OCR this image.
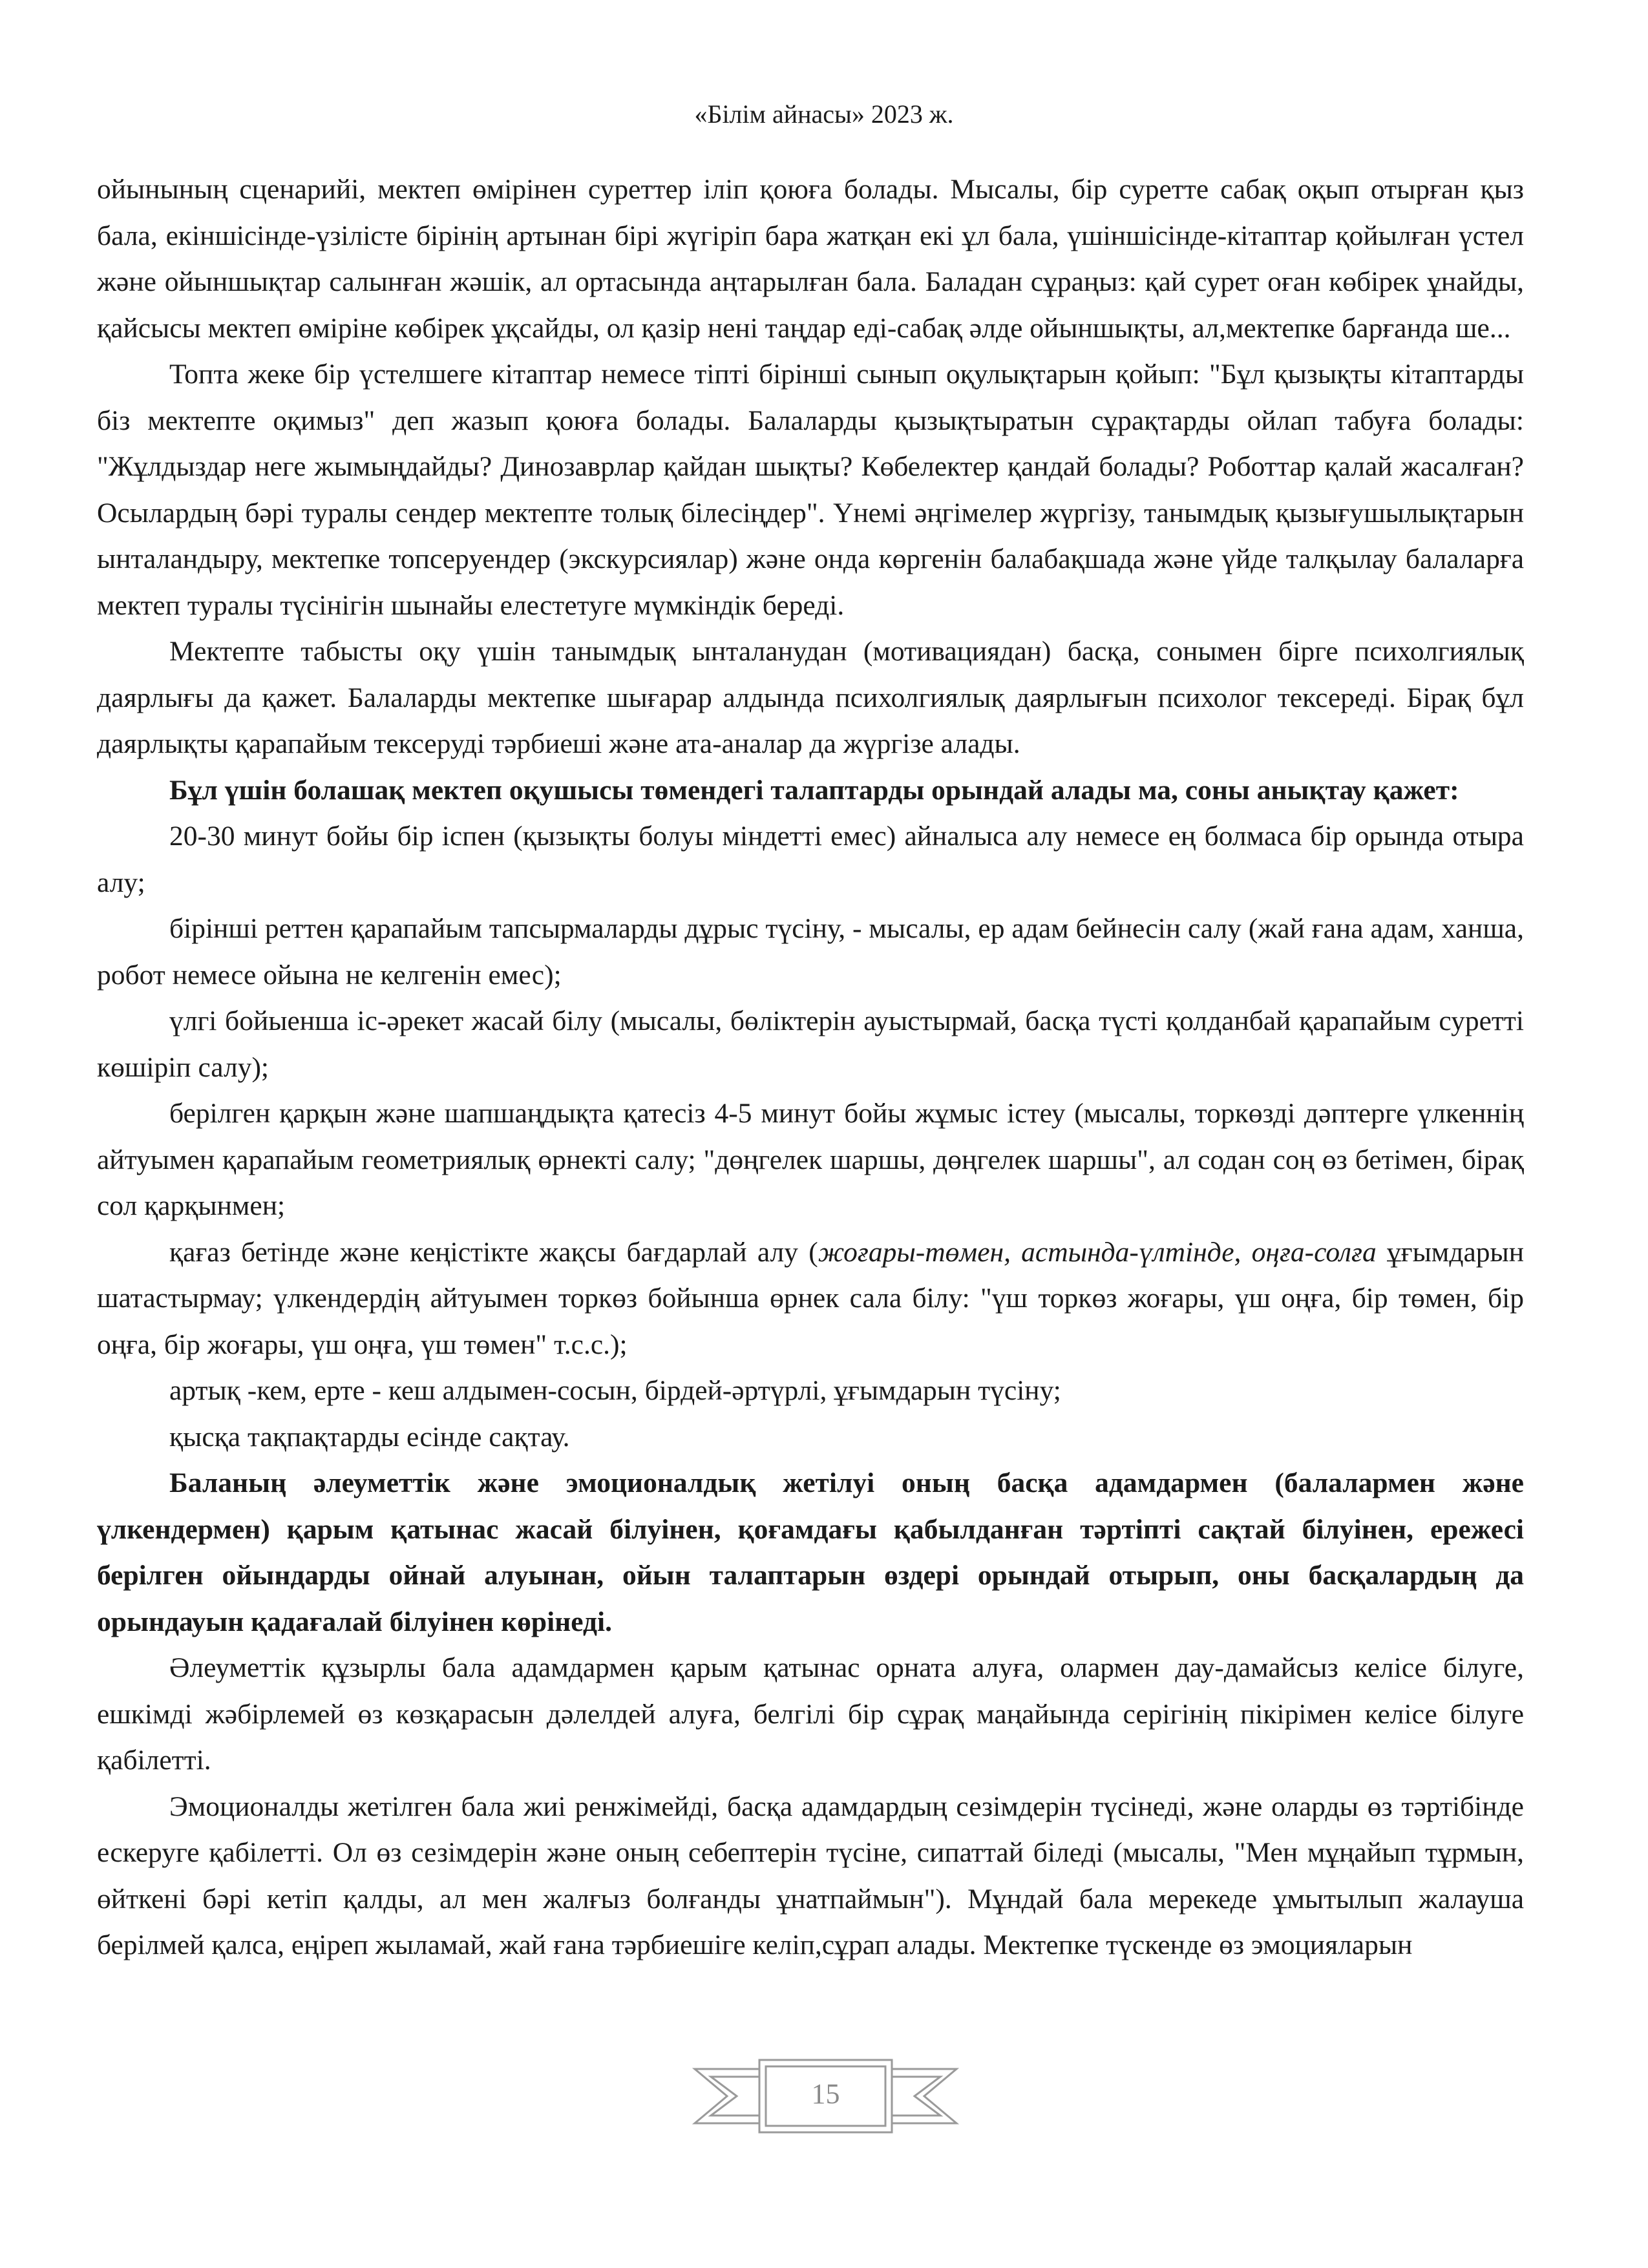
«Білім айнасы» 2023 ж.

ойынының сценарийі, мектеп өмірінен суреттер іліп қоюға болады. Мысалы, бір суретте сабақ оқып отырған қыз бала, екіншісінде-үзілісте бірінің артынан бірі жүгіріп бара жатқан екі ұл бала, үшіншісінде-кітаптар қойылған үстел және ойыншықтар салынған жәшік, ал ортасында аңтарылған бала. Баладан сұраңыз: қай сурет оған көбірек ұнайды, қайсысы мектеп өміріне көбірек ұқсайды, ол қазір нені таңдар еді-сабақ әлде ойыншықты, ал,мектепке барғанда ше...

Топта жеке бір үстелшеге кітаптар немесе тіпті бірінші сынып оқулықтарын қойып: "Бұл қызықты кітаптарды біз мектепте оқимыз" деп жазып қоюға болады. Балаларды қызықтыратын сұрақтарды ойлап табуға болады: "Жұлдыздар неге жымыңдайды? Динозаврлар қайдан шықты? Көбелектер қандай болады? Роботтар қалай жасалған? Осылардың бәрі туралы сендер мектепте толық білесіңдер". Үнемі әңгімелер жүргізу, танымдық қызығушылықтарын ынталандыру, мектепке топсеруендер (экскурсиялар) және онда көргенін балабақшада және үйде талқылау балаларға мектеп туралы түсінігін шынайы елестетуге мүмкіндік береді.

Мектепте табысты оқу үшін танымдық ынталанудан (мотивациядан) басқа, сонымен бірге психолгиялық даярлығы да қажет. Балаларды мектепке шығарар алдында психолгиялық даярлығын психолог тексереді. Бірақ бұл даярлықты қарапайым тексеруді тәрбиеші және ата-аналар да жүргізе алады.

Бұл үшін болашақ мектеп оқушысы төмендегі талаптарды орындай алады ма, соны анықтау қажет:

20-30 минут бойы бір іспен (қызықты болуы міндетті емес) айналыса алу немесе ең болмаса бір орында отыра алу;

бірінші реттен қарапайым тапсырмаларды дұрыс түсіну, - мысалы, ер адам бейнесін салу (жай ғана адам, ханша, робот немесе ойына не келгенін емес);

үлгі бойыенша іс-әрекет жасай білу (мысалы, бөліктерін ауыстырмай, басқа түсті қолданбай қарапайым суретті көшіріп салу);

берілген қарқын және шапшаңдықта қатесіз 4-5 минут бойы жұмыс істеу (мысалы, торкөзді дәптерге үлкеннің айтуымен қарапайым геометриялық өрнекті салу; "дөңгелек шаршы, дөңгелек шаршы", ал содан соң өз бетімен, бірақ сол қарқынмен;

қағаз бетінде және кеңістікте жақсы бағдарлай алу (жоғары-төмен, астында-үлтінде, оңға-солға ұғымдарын шатастырмау; үлкендердің айтуымен торкөз бойынша өрнек сала білу: "үш торкөз жоғары, үш оңға, бір төмен, бір оңға, бір жоғары, үш оңға, үш төмен" т.с.с.);

артық -кем, ерте - кеш алдымен-сосын, бірдей-әртүрлі, ұғымдарын түсіну;

қысқа тақпақтарды есінде сақтау.

Баланың әлеуметтік және эмоционалдық жетілуі оның басқа адамдармен (балалармен және үлкендермен) қарым қатынас жасай білуінен, қоғамдағы қабылданған тәртіпті сақтай білуінен, ережесі берілген ойындарды ойнай алуынан, ойын талаптарын өздері орындай отырып, оны басқалардың да орындауын қадағалай білуінен көрінеді.

Әлеуметтік құзырлы бала адамдармен қарым қатынас орната алуға, олармен дау-дамайсыз келісе білуге, ешкімді жәбірлемей өз көзқарасын дәлелдей алуға, белгілі бір сұрақ маңайында серігінің пікірімен келісе білуге қабілетті.

Эмоционалды жетілген бала жиі ренжімейді, басқа адамдардың сезімдерін түсінеді, және оларды өз тәртібінде ескеруге қабілетті. Ол өз сезімдерін және оның себептерін түсіне, сипаттай біледі (мысалы, "Мен мұңайып тұрмын, өйткені бәрі кетіп қалды, ал мен жалғыз болғанды ұнатпаймын"). Мұндай бала мерекеде ұмытылып жалауша берілмей қалса, еңіреп жыламай, жай ғана тәрбиешіге келіп,сұрап алады. Мектепке түскенде өз эмоцияларын

15
